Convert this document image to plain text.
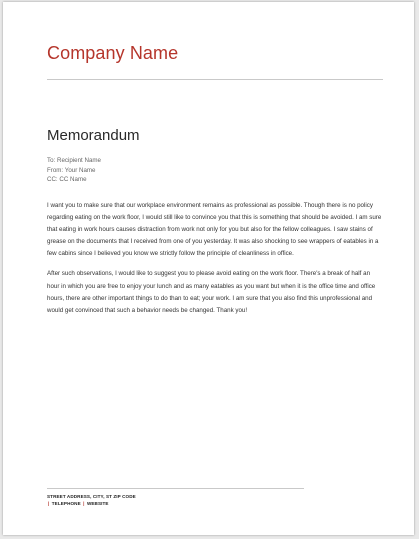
Company Name
Memorandum
To: Recipient Name
From: Your Name
CC: CC Name

I want you to make sure that our workplace environment remains as professional as possible. Though there is no policy regarding eating on the work floor, I would still like to convince you that this is something that should be avoided. I am sure that eating in work hours causes distraction from work not only for you but also for the fellow colleagues. I saw stains of grease on the documents that I received from one of you yesterday. It was also shocking to see wrappers of eatables in a few cabins since I believed you know we strictly follow the principle of cleanliness in office.

After such observations, I would like to suggest you to please avoid eating on the work floor. There's a break of half an hour in which you are free to enjoy your lunch and as many eatables as you want but when it is the office time and office hours, there are other important things to do than to eat; your work. I am sure that you also find this unprofessional and would get convinced that such a behavior needs be changed. Thank you!

STREET ADDRESS, CITY, ST ZIP CODE
| TELEPHONE | WEBSITE
